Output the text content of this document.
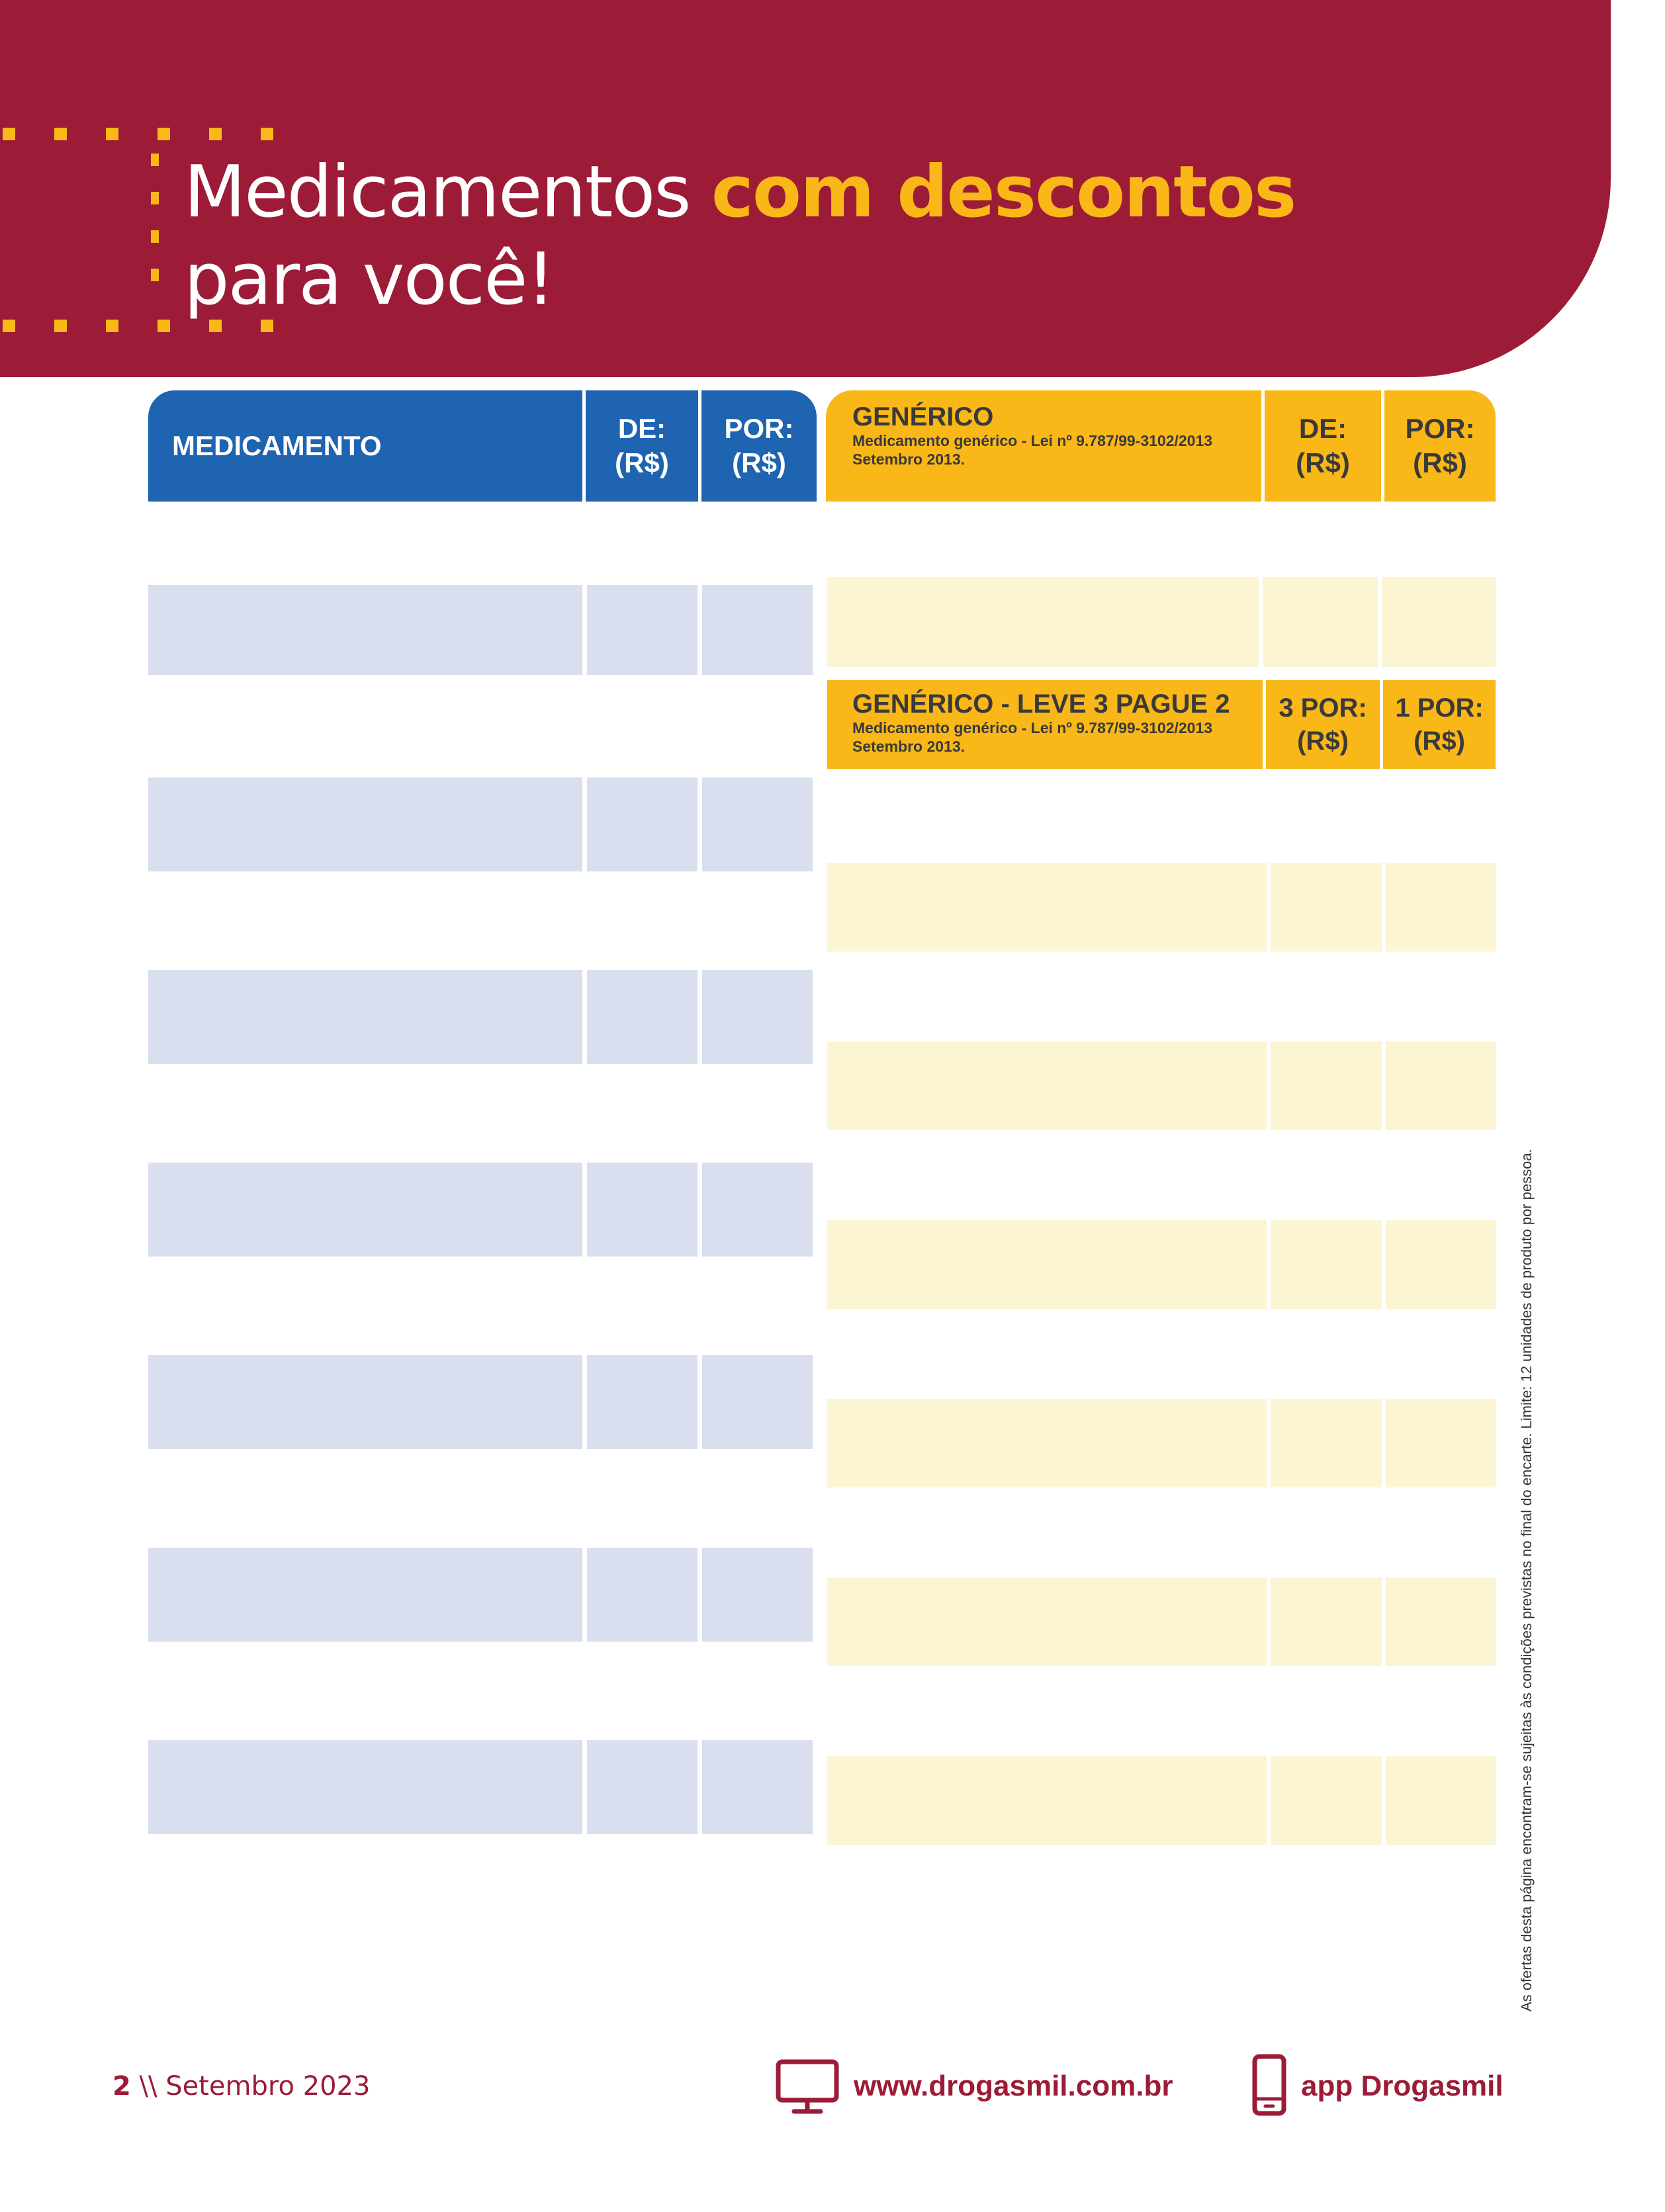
Medicamentos com descontos
para você!
MEDICAMENTO
DE:
(R$)
POR:
(R$)
GENÉRICO
Medicamento genérico - Lei nº 9.787/99-3102/2013
Setembro 2013.
DE:
(R$)
POR:
(R$)
GENÉRICO - LEVE 3 PAGUE 2
Medicamento genérico - Lei nº 9.787/99-3102/2013
Setembro 2013.
3 POR:
(R$)
1 POR:
(R$)
As ofertas desta página encontram-se sujeitas às condições previstas no final do encarte. Limite: 12 unidades de produto por pessoa.
2 \\ Setembro 2023	www.drogasmil.com.br	app Drogasmil
